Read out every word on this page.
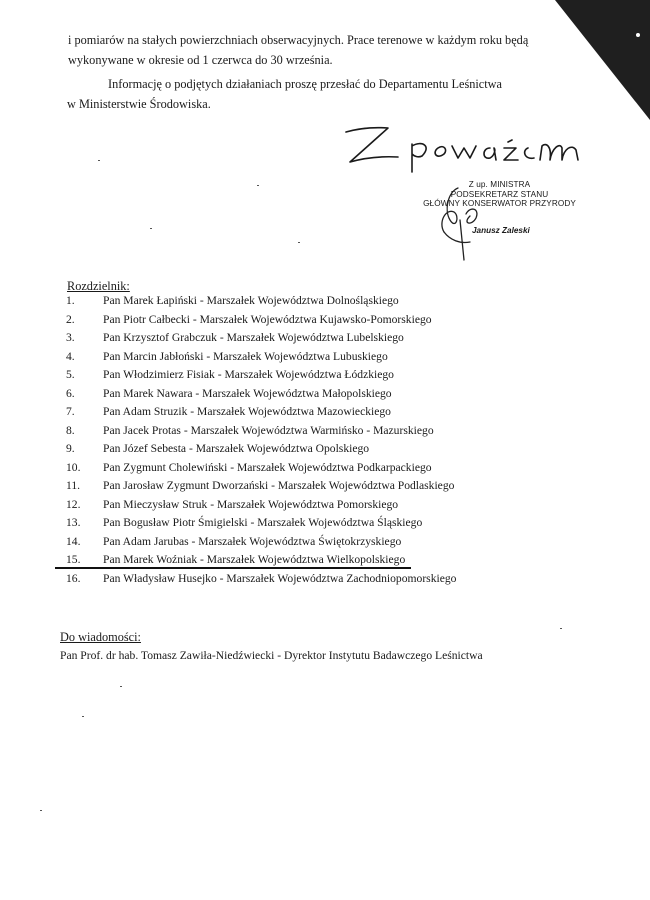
i pomiarów na stałych powierzchniach obserwacyjnych. Prace terenowe w każdym roku będą

wykonywane w okresie od 1 czerwca do 30 września.

Informację o podjętych działaniach proszę przesłać do Departamentu Leśnictwa

w Ministerstwie Środowiska.

Z up. MINISTRA
PODSEKRETARZ STANU
GŁÓWNY KONSERWATOR PRZYRODY
Janusz Zaleski

Rozdzielnik:

1. Pan Marek Łapiński - Marszałek Województwa Dolnośląskiego
2. Pan Piotr Całbecki - Marszałek Województwa Kujawsko-Pomorskiego
3. Pan Krzysztof Grabczuk - Marszałek Województwa Lubelskiego
4. Pan Marcin Jabłoński - Marszałek Województwa Lubuskiego
5. Pan Włodzimierz Fisiak - Marszałek Województwa Łódzkiego
6. Pan Marek Nawara - Marszałek Województwa Małopolskiego
7. Pan Adam Struzik - Marszałek Województwa Mazowieckiego
8. Pan Jacek Protas - Marszałek Województwa Warmińsko - Mazurskiego
9. Pan Józef Sebesta - Marszałek Województwa Opolskiego
10. Pan Zygmunt Cholewiński - Marszałek Województwa Podkarpackiego
11. Pan Jarosław Zygmunt Dworzański - Marszałek Województwa Podlaskiego
12. Pan Mieczysław Struk - Marszałek Województwa Pomorskiego
13. Pan Bogusław Piotr Śmigielski - Marszałek Województwa Śląskiego
14. Pan Adam Jarubas - Marszałek Województwa Świętokrzyskiego
15. Pan Marek Woźniak - Marszałek Województwa Wielkopolskiego
16. Pan Władysław Husejko - Marszałek Województwa Zachodniopomorskiego

Do wiadomości:

Pan Prof. dr hab. Tomasz Zawiła-Niedźwiecki - Dyrektor Instytutu Badawczego Leśnictwa
